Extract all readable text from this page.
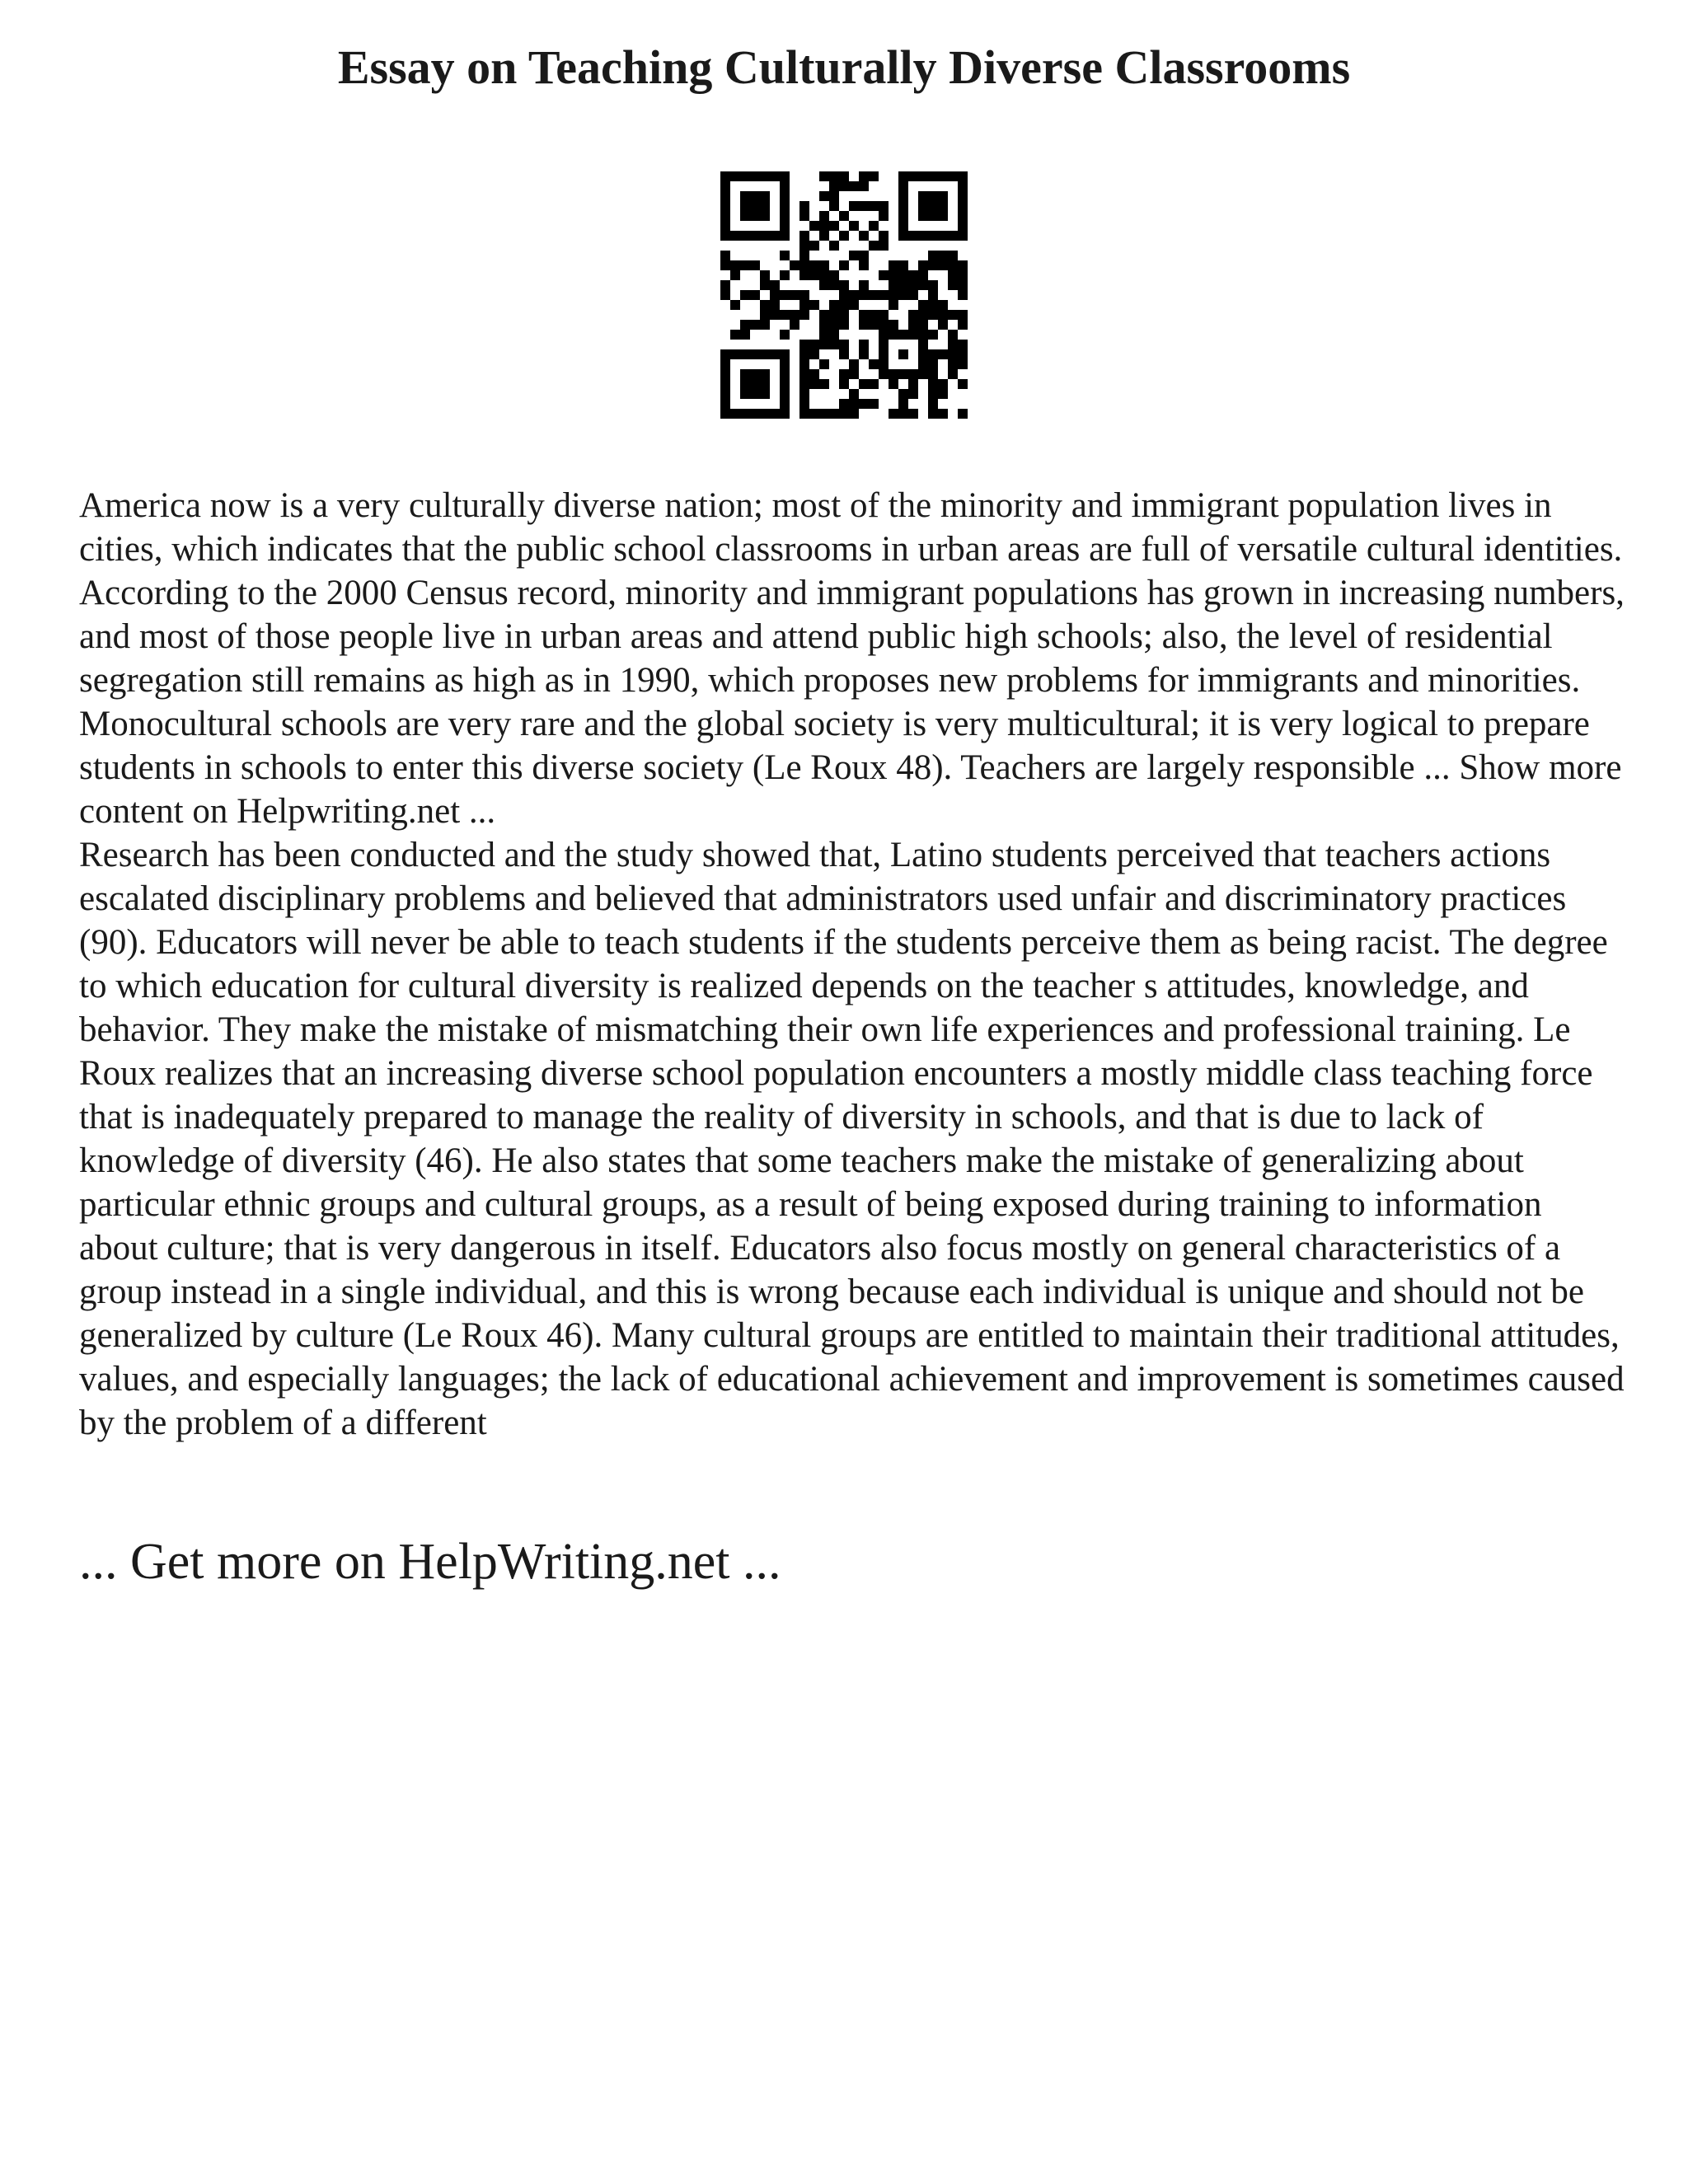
Essay on Teaching Culturally Diverse Classrooms

America now is a very culturally diverse nation; most of the minority and immigrant population lives in cities, which indicates that the public school classrooms in urban areas are full of versatile cultural identities. According to the 2000 Census record, minority and immigrant populations has grown in increasing numbers, and most of those people live in urban areas and attend public high schools; also, the level of residential segregation still remains as high as in 1990, which proposes new problems for immigrants and minorities. Monocultural schools are very rare and the global society is very multicultural; it is very logical to prepare students in schools to enter this diverse society (Le Roux 48). Teachers are largely responsible ... Show more content on Helpwriting.net ...

Research has been conducted and the study showed that, Latino students perceived that teachers actions escalated disciplinary problems and believed that administrators used unfair and discriminatory practices (90). Educators will never be able to teach students if the students perceive them as being racist. The degree to which education for cultural diversity is realized depends on the teacher s attitudes, knowledge, and behavior. They make the mistake of mismatching their own life experiences and professional training. Le Roux realizes that an increasing diverse school population encounters a mostly middle class teaching force that is inadequately prepared to manage the reality of diversity in schools, and that is due to lack of knowledge of diversity (46). He also states that some teachers make the mistake of generalizing about particular ethnic groups and cultural groups, as a result of being exposed during training to information about culture; that is very dangerous in itself. Educators also focus mostly on general characteristics of a group instead in a single individual, and this is wrong because each individual is unique and should not be generalized by culture (Le Roux 46). Many cultural groups are entitled to maintain their traditional attitudes, values, and especially languages; the lack of educational achievement and improvement is sometimes caused by the problem of a different

... Get more on HelpWriting.net ...
